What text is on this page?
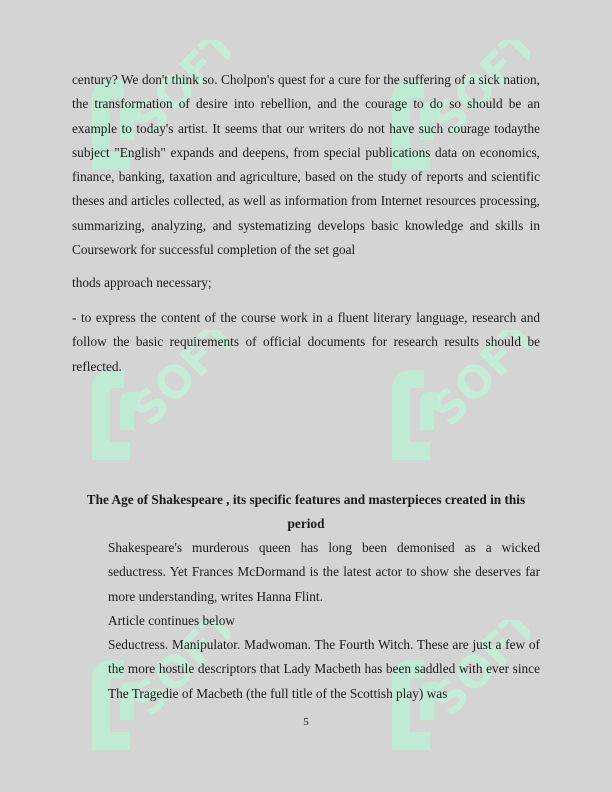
century? We don't think so. Cholpon's quest for a cure for the suffering of a sick nation, the transformation of desire into rebellion, and the courage to do so should be an example to today's artist. It seems that our writers do not have such courage todaythe subject "English" expands and deepens, from special publications data on economics, finance, banking, taxation and agriculture, based on the study of reports and scientific theses and articles collected, as well as information from Internet resources processing, summarizing, analyzing, and systematizing develops basic knowledge and skills in Coursework for successful completion of the set goal

thods approach necessary;

- to express the content of the course work in a fluent literary language, research and follow the basic requirements of official documents for research results should be reflected.

The Age of Shakespeare , its specific features and masterpieces created in this period

Shakespeare's murderous queen has long been demonised as a wicked seductress. Yet Frances McDormand is the latest actor to show she deserves far more understanding, writes Hanna Flint.

Article continues below

Seductress. Manipulator. Madwoman. The Fourth Witch. These are just a few of the more hostile descriptors that Lady Macbeth has been saddled with ever since The Tragedie of Macbeth (the full title of the Scottish play) was

5
